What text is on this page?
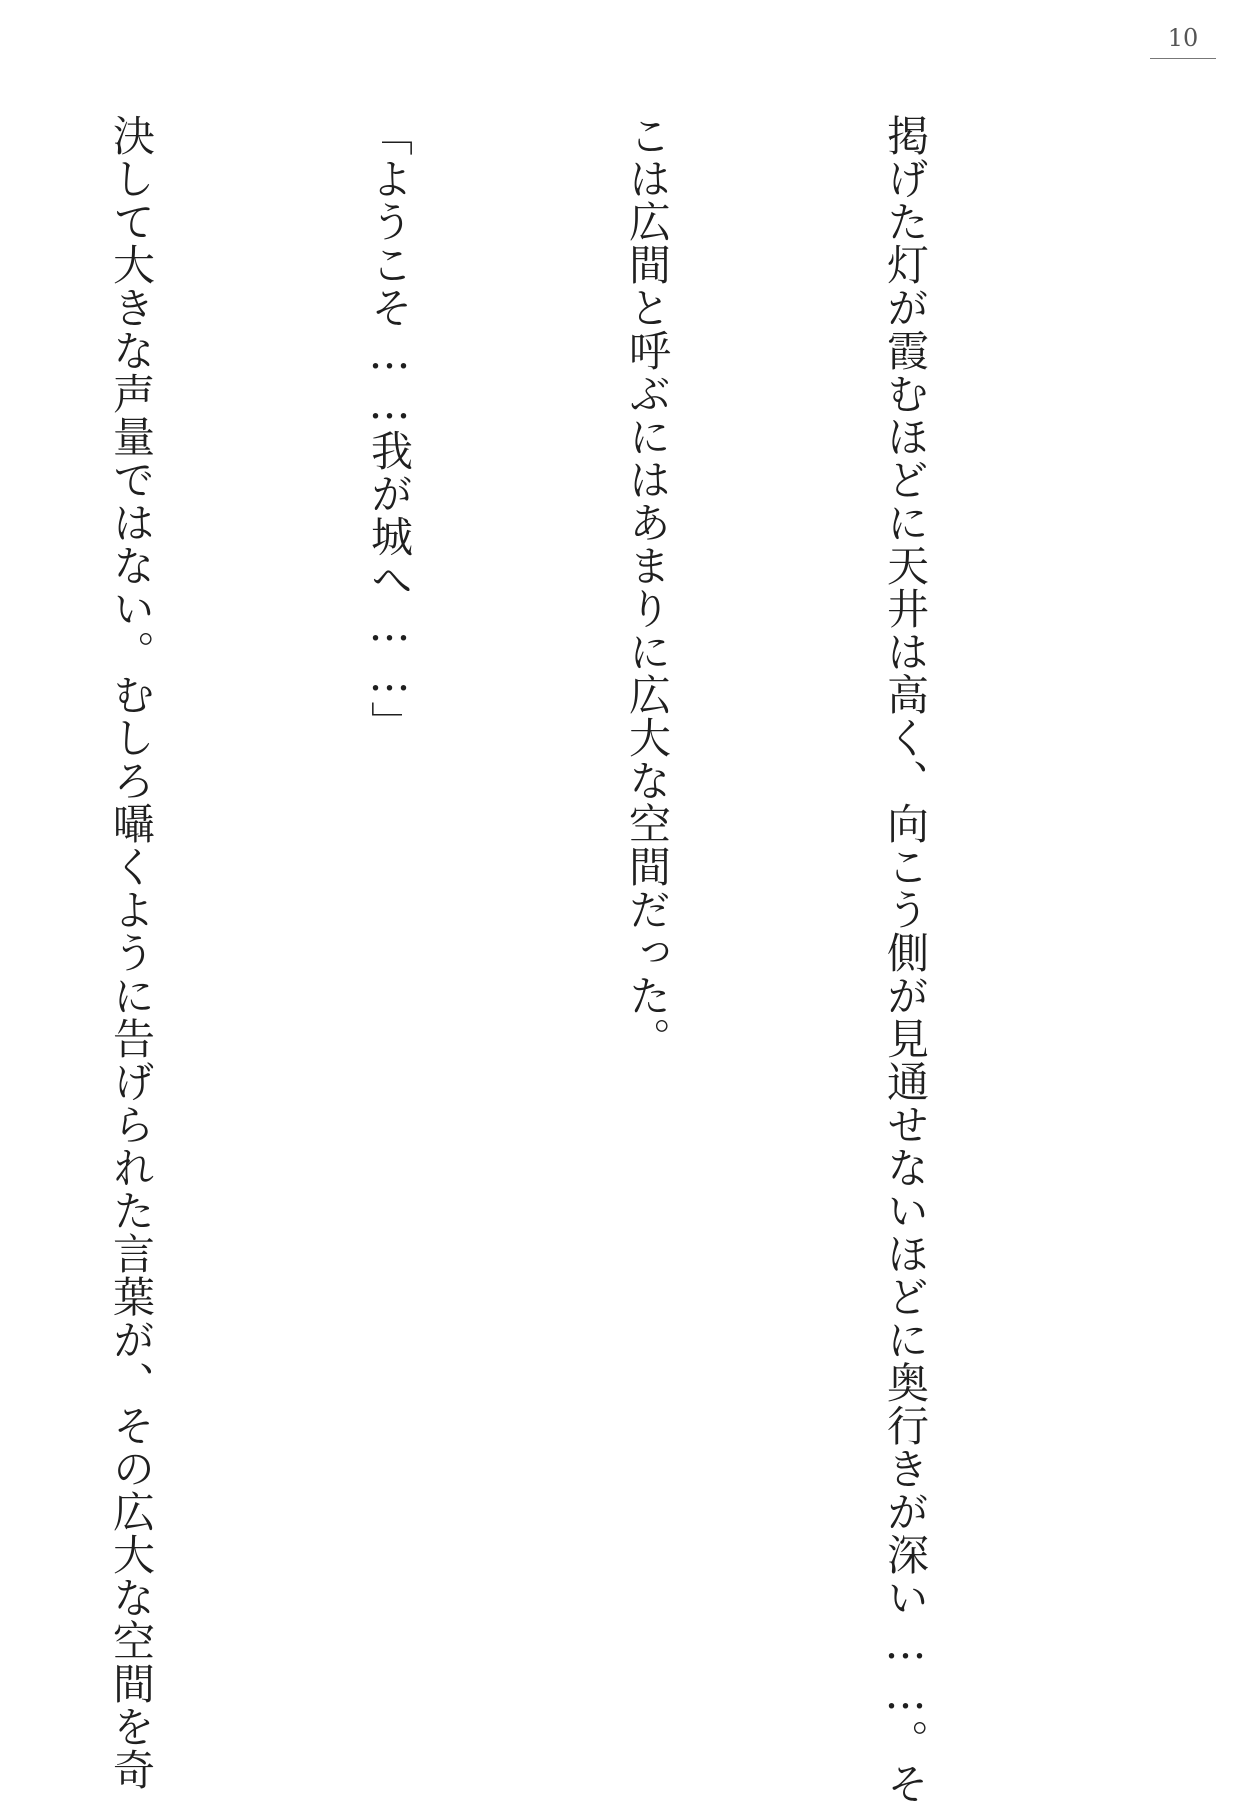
10

掲げた灯が霞むほどに天井は高く、向こう側が見通せないほどに奥行きが深い……。そ

こは広間と呼ぶにはあまりに広大な空間だった。

「ようこそ……我が城へ……」

決して大きな声量ではない。むしろ囁くように告げられた言葉が、その広大な空間を奇
